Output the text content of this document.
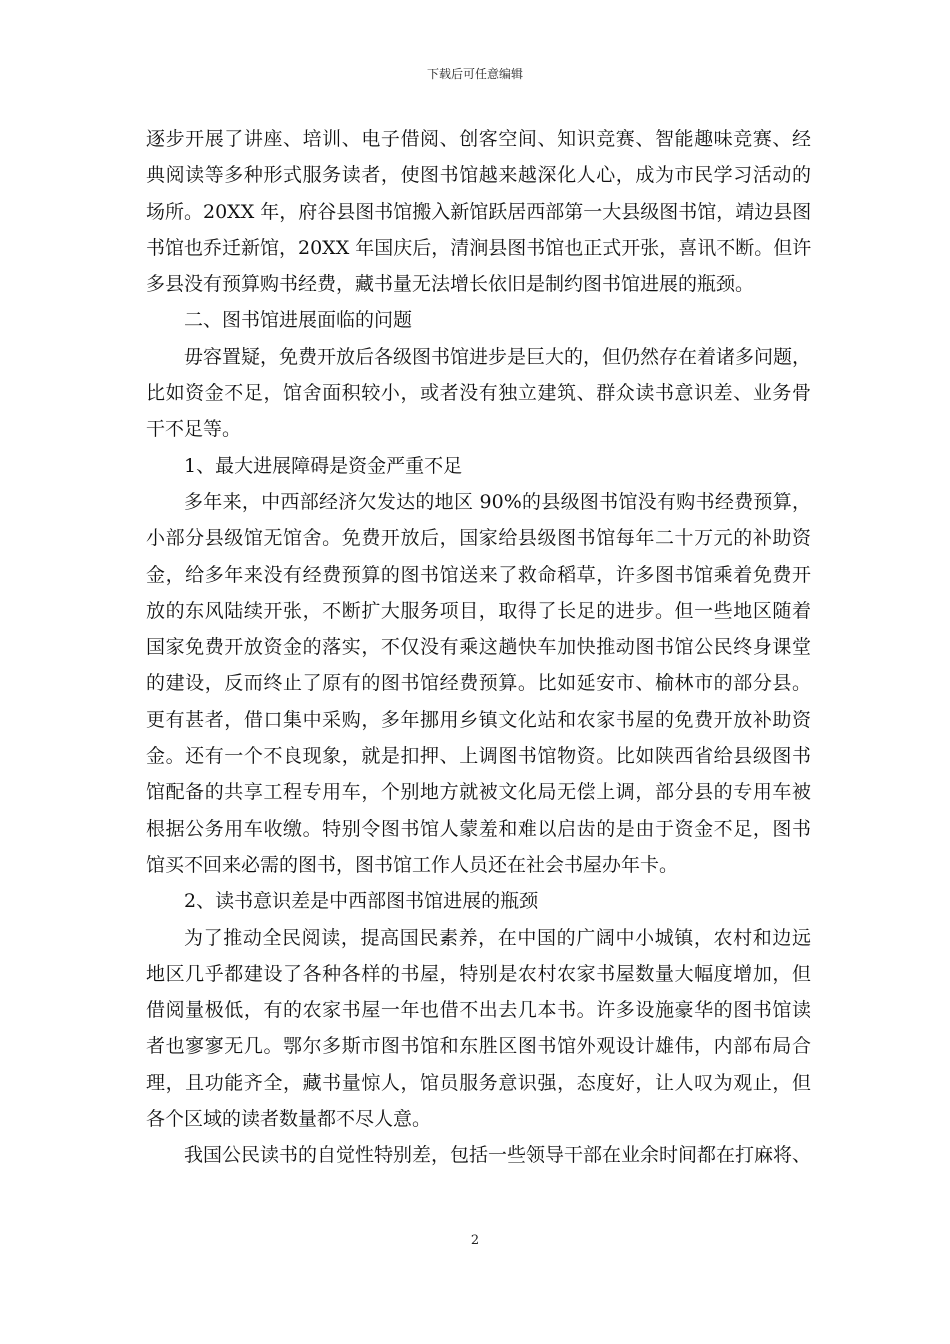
下载后可任意编辑
逐步开展了讲座、培训、电子借阅、创客空间、知识竞赛、智能趣味竞赛、经
典阅读等多种形式服务读者，使图书馆越来越深化人心，成为市民学习活动的
场所。20XX 年，府谷县图书馆搬入新馆跃居西部第一大县级图书馆，靖边县图
书馆也乔迁新馆，20XX 年国庆后，清涧县图书馆也正式开张，喜讯不断。但许
多县没有预算购书经费，藏书量无法增长依旧是制约图书馆进展的瓶颈。
二、图书馆进展面临的问题
毋容置疑，免费开放后各级图书馆进步是巨大的，但仍然存在着诸多问题，
比如资金不足，馆舍面积较小，或者没有独立建筑、群众读书意识差、业务骨
干不足等。
1、最大进展障碍是资金严重不足
多年来，中西部经济欠发达的地区 90%的县级图书馆没有购书经费预算，
小部分县级馆无馆舍。免费开放后，国家给县级图书馆每年二十万元的补助资
金，给多年来没有经费预算的图书馆送来了救命稻草，许多图书馆乘着免费开
放的东风陆续开张，不断扩大服务项目，取得了长足的进步。但一些地区随着
国家免费开放资金的落实，不仅没有乘这趟快车加快推动图书馆公民终身课堂
的建设，反而终止了原有的图书馆经费预算。比如延安市、榆林市的部分县。
更有甚者，借口集中采购，多年挪用乡镇文化站和农家书屋的免费开放补助资
金。还有一个不良现象，就是扣押、上调图书馆物资。比如陕西省给县级图书
馆配备的共享工程专用车，个别地方就被文化局无偿上调，部分县的专用车被
根据公务用车收缴。特别令图书馆人蒙羞和难以启齿的是由于资金不足，图书
馆买不回来必需的图书，图书馆工作人员还在社会书屋办年卡。
2、读书意识差是中西部图书馆进展的瓶颈
为了推动全民阅读，提高国民素养，在中国的广阔中小城镇，农村和边远
地区几乎都建设了各种各样的书屋，特别是农村农家书屋数量大幅度增加，但
借阅量极低，有的农家书屋一年也借不出去几本书。许多设施豪华的图书馆读
者也寥寥无几。鄂尔多斯市图书馆和东胜区图书馆外观设计雄伟，内部布局合
理，且功能齐全，藏书量惊人，馆员服务意识强，态度好，让人叹为观止，但
各个区域的读者数量都不尽人意。
我国公民读书的自觉性特别差，包括一些领导干部在业余时间都在打麻将、
2
